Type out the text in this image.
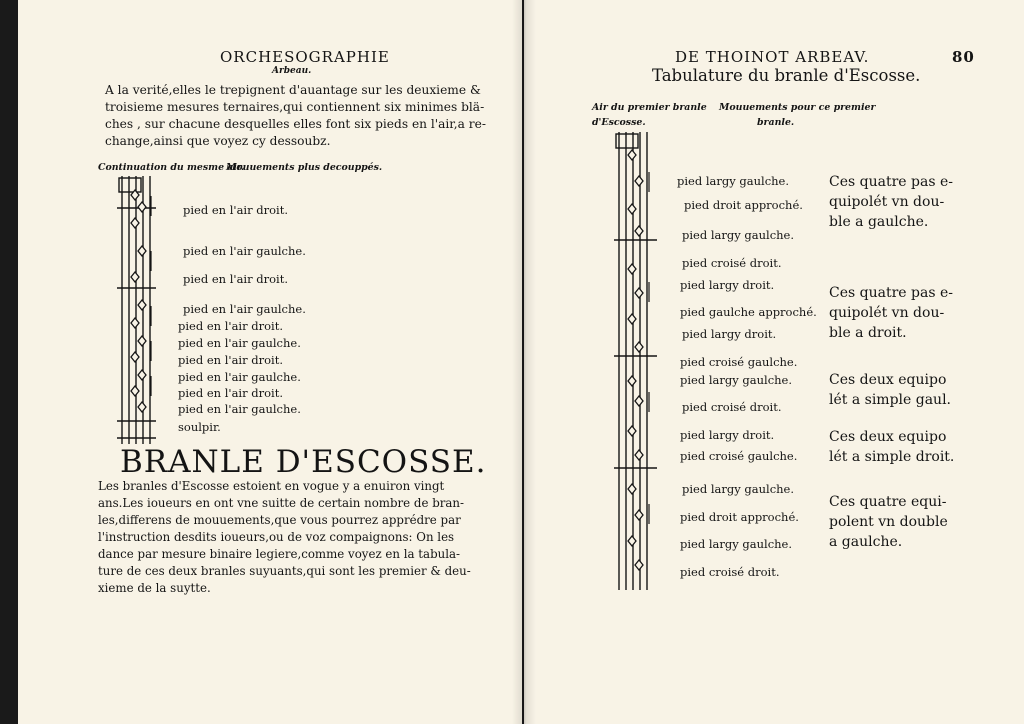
ORCHESOGRAPHIE
Arbeau.
A la verité,elles le trepignent d'auantage sur les deuxieme &
troisieme mesures ternaires,qui contiennent six minimes blä-
ches , sur chacune desquelles elles font six pieds en l'air,a re-
change,ainsi que voyez cy dessoubz.
Continuation du mesme air.
Mouuements plus decouppés.
pied en l'air droit.
pied en l'air gaulche.
pied en l'air droit.
pied en l'air gaulche.
pied en l'air droit.
pied en l'air gaulche.
pied en l'air droit.
pied en l'air gaulche.
pied en l'air droit.
pied en l'air gaulche.
soulpir.
BRANLE D'ESCOSSE.
Les branles d'Escosse estoient en vogue y a enuiron vingt
ans.Les ioueurs en ont vne suitte de certain nombre de bran-
les,differens de mouuements,que vous pourrez apprédre par
l'instruction desdits ioueurs,ou de voz compaignons: On les
dance par mesure binaire legiere,comme voyez en la tabula-
ture de ces deux branles suyuants,qui sont les premier & deu-
xieme de la suytte.
DE THOINOT ARBEAV.	80
Tabulature du branle d'Escosse.
Air du premier branle
d'Escosse.
Mouuements pour ce premier
branle.
pied largy gaulche.
pied droit approché.
pied largy gaulche.
pied croisé droit.
pied largy droit.
pied gaulche approché.
pied largy droit.
pied croisé gaulche.
pied largy gaulche.
pied croisé droit.
pied largy droit.
pied croisé gaulche.
pied largy gaulche.
pied droit approché.
pied largy gaulche.
pied croisé droit.
Ces quatre pas e-
quipolét vn dou-
ble a gaulche.
Ces quatre pas e-
quipolét vn dou-
ble a droit.
Ces deux equipo
lét a simple gaul.
Ces deux equipo
lét a simple droit.
Ces quatre equi-
polent vn double
a gaulche.
